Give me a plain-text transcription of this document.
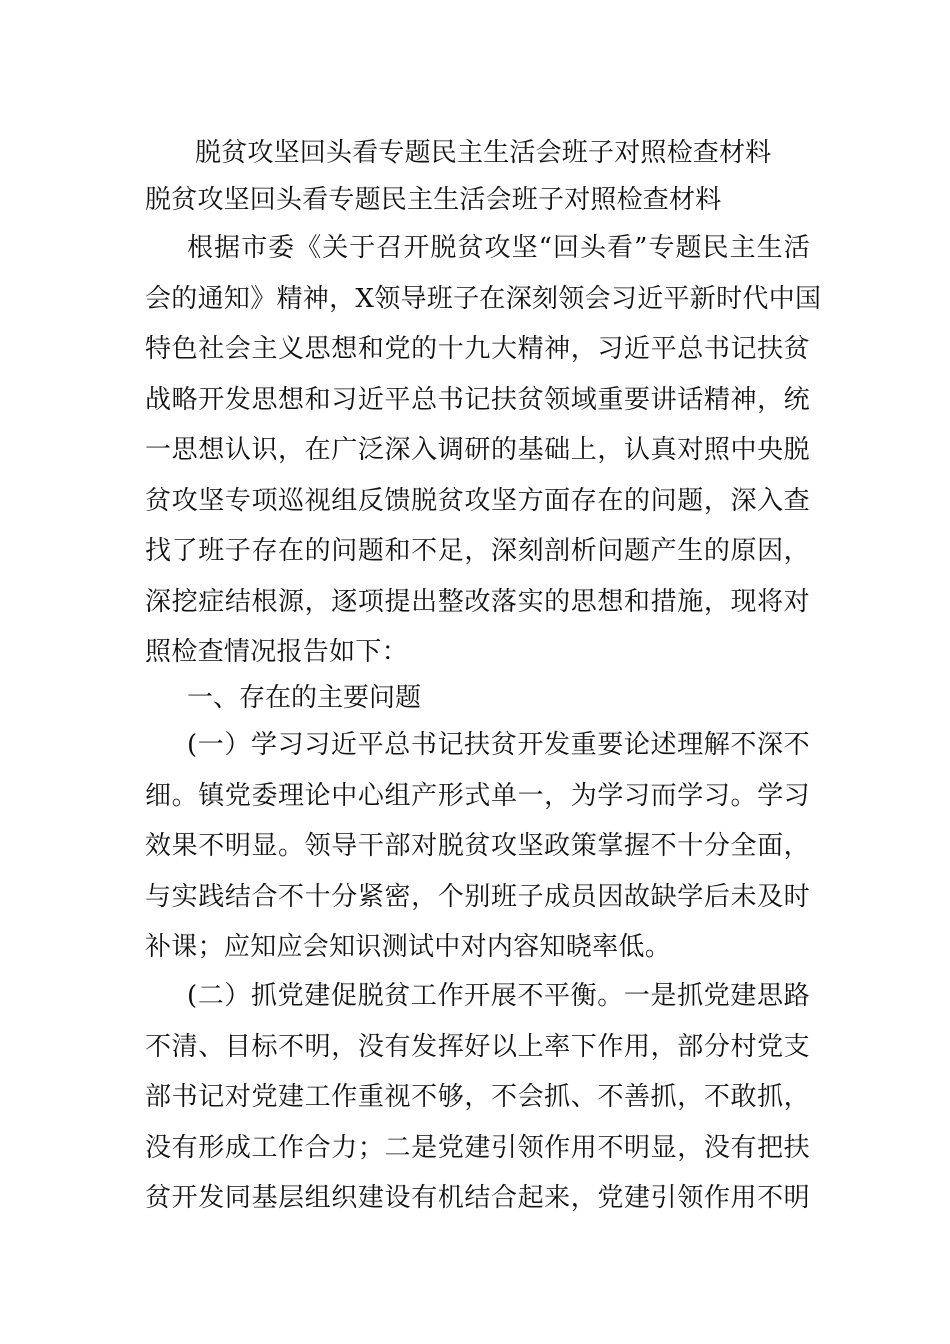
脱贫攻坚回头看专题民主生活会班子对照检查材料
脱贫攻坚回头看专题民主生活会班子对照检查材料
根据市委《关于召开脱贫攻坚“回头看”专题民主生活
会的通知》精神，X领导班子在深刻领会习近平新时代中国
特色社会主义思想和党的十九大精神，习近平总书记扶贫
战略开发思想和习近平总书记扶贫领域重要讲话精神，统
一思想认识，在广泛深入调研的基础上，认真对照中央脱
贫攻坚专项巡视组反馈脱贫攻坚方面存在的问题，深入查
找了班子存在的问题和不足，深刻剖析问题产生的原因，
深挖症结根源，逐项提出整改落实的思想和措施，现将对
照检查情况报告如下：
一、存在的主要问题
(一）学习习近平总书记扶贫开发重要论述理解不深不
细。镇党委理论中心组产形式单一，为学习而学习。学习
效果不明显。领导干部对脱贫攻坚政策掌握不十分全面，
与实践结合不十分紧密，个别班子成员因故缺学后未及时
补课；应知应会知识测试中对内容知晓率低。
(二）抓党建促脱贫工作开展不平衡。一是抓党建思路
不清、目标不明，没有发挥好以上率下作用，部分村党支
部书记对党建工作重视不够，不会抓、不善抓，不敢抓，
没有形成工作合力；二是党建引领作用不明显，没有把扶
贫开发同基层组织建设有机结合起来，党建引领作用不明
